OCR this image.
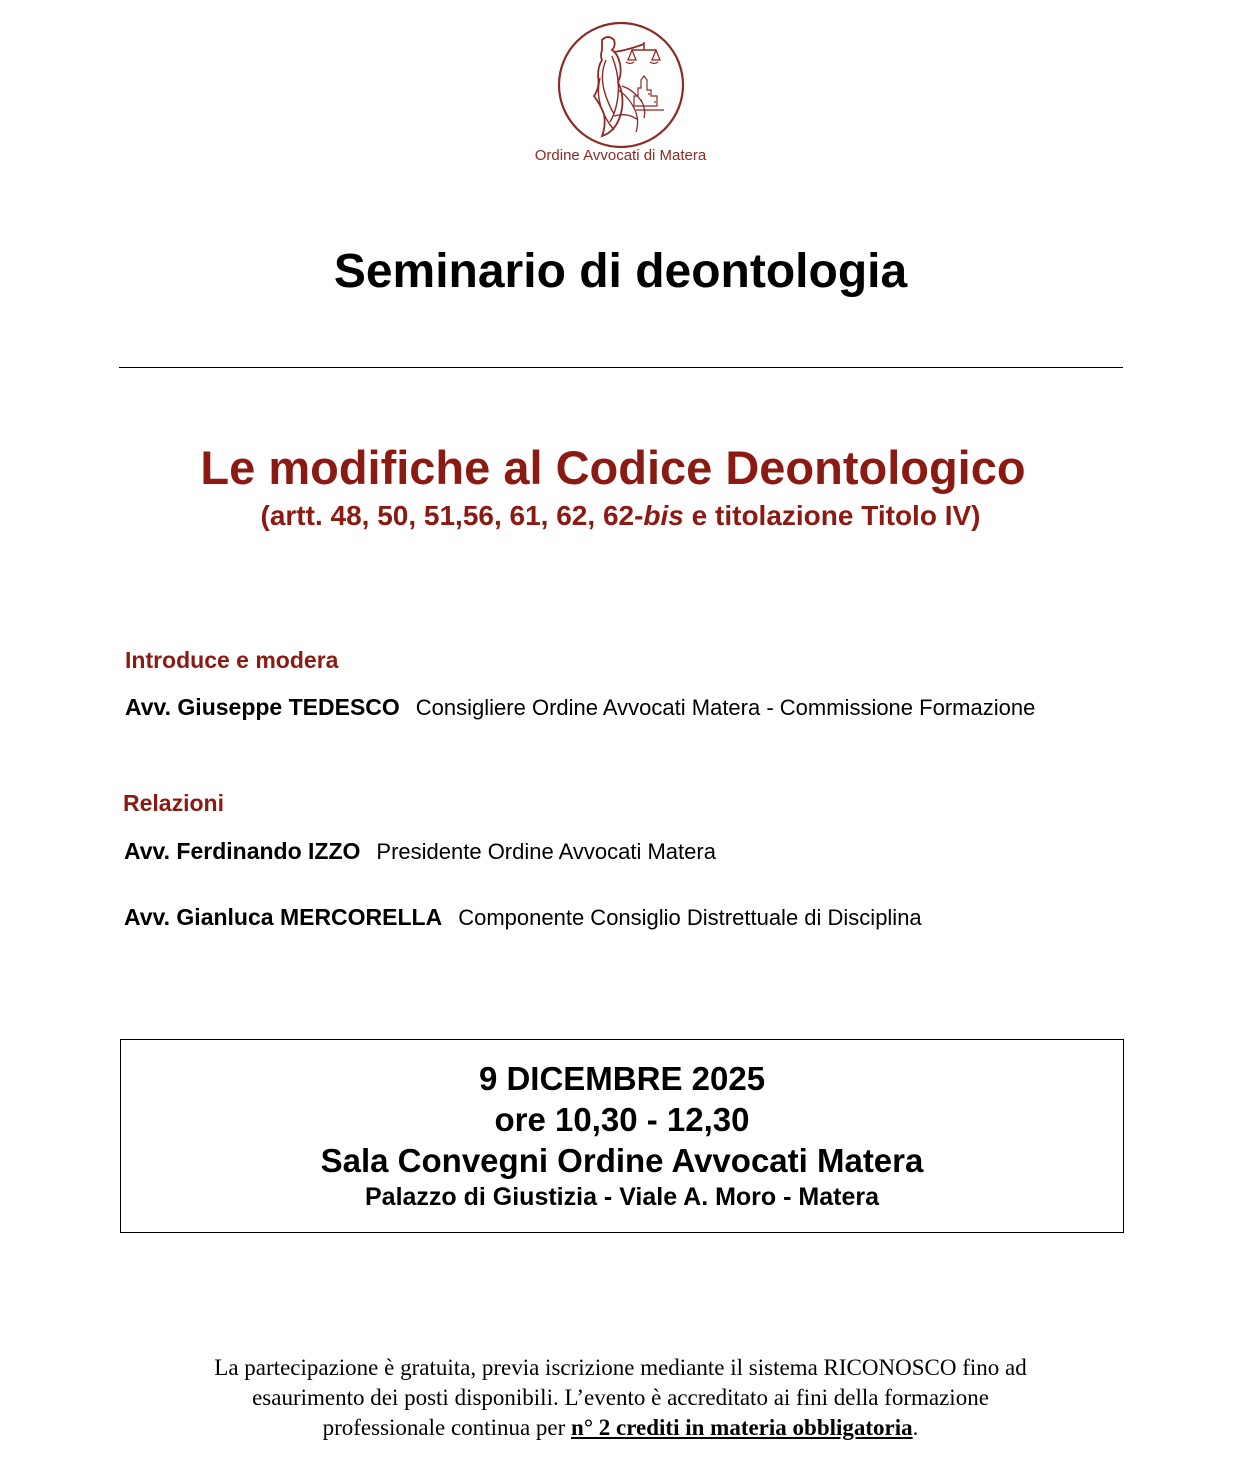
Ordine Avvocati di Matera
Seminario di deontologia
Le modifiche al Codice Deontologico
(artt. 48, 50, 51,56, 61, 62, 62-bis e titolazione Titolo IV)
Introduce e modera
Avv. Giuseppe TEDESCO Consigliere Ordine Avvocati Matera - Commissione Formazione
Relazioni
Avv. Ferdinando IZZO Presidente Ordine Avvocati Matera
Avv. Gianluca MERCORELLA Componente Consiglio Distrettuale di Disciplina
9 DICEMBRE 2025
ore 10,30 - 12,30
Sala Convegni Ordine Avvocati Matera
Palazzo di Giustizia - Viale A. Moro - Matera
La partecipazione è gratuita, previa iscrizione mediante il sistema RICONOSCO fino ad
esaurimento dei posti disponibili. L’evento è accreditato ai fini della formazione
professionale continua per n° 2 crediti in materia obbligatoria.
